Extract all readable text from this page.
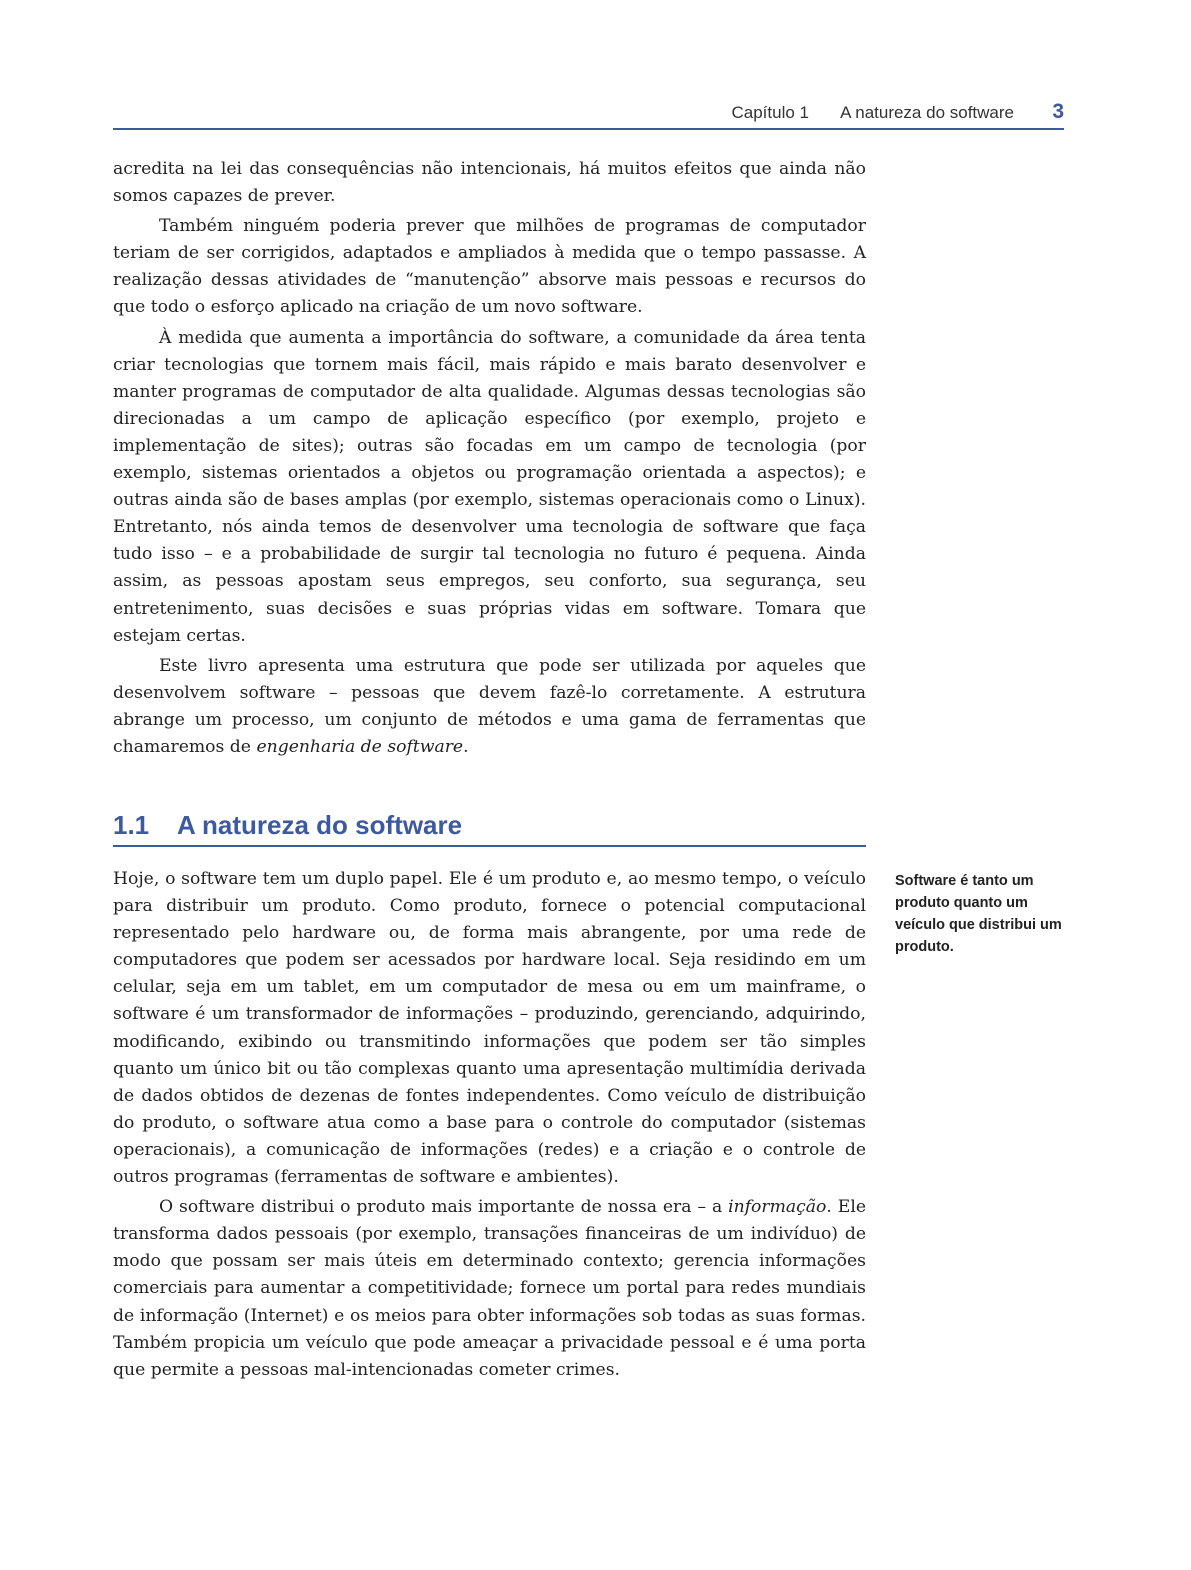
Capítulo 1 A natureza do software 3

acredita na lei das consequências não intencionais, há muitos efeitos que ainda não somos capazes de prever.

Também ninguém poderia prever que milhões de programas de computador teriam de ser corrigidos, adaptados e ampliados à medida que o tempo passasse. A realização dessas atividades de “manutenção” absorve mais pessoas e recursos do que todo o esforço aplicado na criação de um novo software.

À medida que aumenta a importância do software, a comunidade da área tenta criar tecnologias que tornem mais fácil, mais rápido e mais barato desenvolver e manter programas de computador de alta qualidade. Algumas dessas tecnologias são direcionadas a um campo de aplicação específico (por exemplo, projeto e implementação de sites); outras são focadas em um campo de tecnologia (por exemplo, sistemas orientados a objetos ou programação orientada a aspectos); e outras ainda são de bases amplas (por exemplo, sistemas operacionais como o Linux). Entretanto, nós ainda temos de desenvolver uma tecnologia de software que faça tudo isso – e a probabilidade de surgir tal tecnologia no futuro é pequena. Ainda assim, as pessoas apostam seus empregos, seu conforto, sua segurança, seu entretenimento, suas decisões e suas próprias vidas em software. Tomara que estejam certas.

Este livro apresenta uma estrutura que pode ser utilizada por aqueles que desenvolvem software – pessoas que devem fazê-lo corretamente. A estrutura abrange um processo, um conjunto de métodos e uma gama de ferramentas que chamaremos de engenharia de software.

1.1 A natureza do software

Hoje, o software tem um duplo papel. Ele é um produto e, ao mesmo tempo, o veículo para distribuir um produto. Como produto, fornece o potencial computacional representado pelo hardware ou, de forma mais abrangente, por uma rede de computadores que podem ser acessados por hardware local. Seja residindo em um celular, seja em um tablet, em um computador de mesa ou em um mainframe, o software é um transformador de informações – produzindo, gerenciando, adquirindo, modificando, exibindo ou transmitindo informações que podem ser tão simples quanto um único bit ou tão complexas quanto uma apresentação multimídia derivada de dados obtidos de dezenas de fontes independentes. Como veículo de distribuição do produto, o software atua como a base para o controle do computador (sistemas operacionais), a comunicação de informações (redes) e a criação e o controle de outros programas (ferramentas de software e ambientes).

O software distribui o produto mais importante de nossa era – a informação. Ele transforma dados pessoais (por exemplo, transações financeiras de um indivíduo) de modo que possam ser mais úteis em determinado contexto; gerencia informações comerciais para aumentar a competitividade; fornece um portal para redes mundiais de informação (Internet) e os meios para obter informações sob todas as suas formas. Também propicia um veículo que pode ameaçar a privacidade pessoal e é uma porta que permite a pessoas mal-intencionadas cometer crimes.

Software é tanto um produto quanto um veículo que distribui um produto.
